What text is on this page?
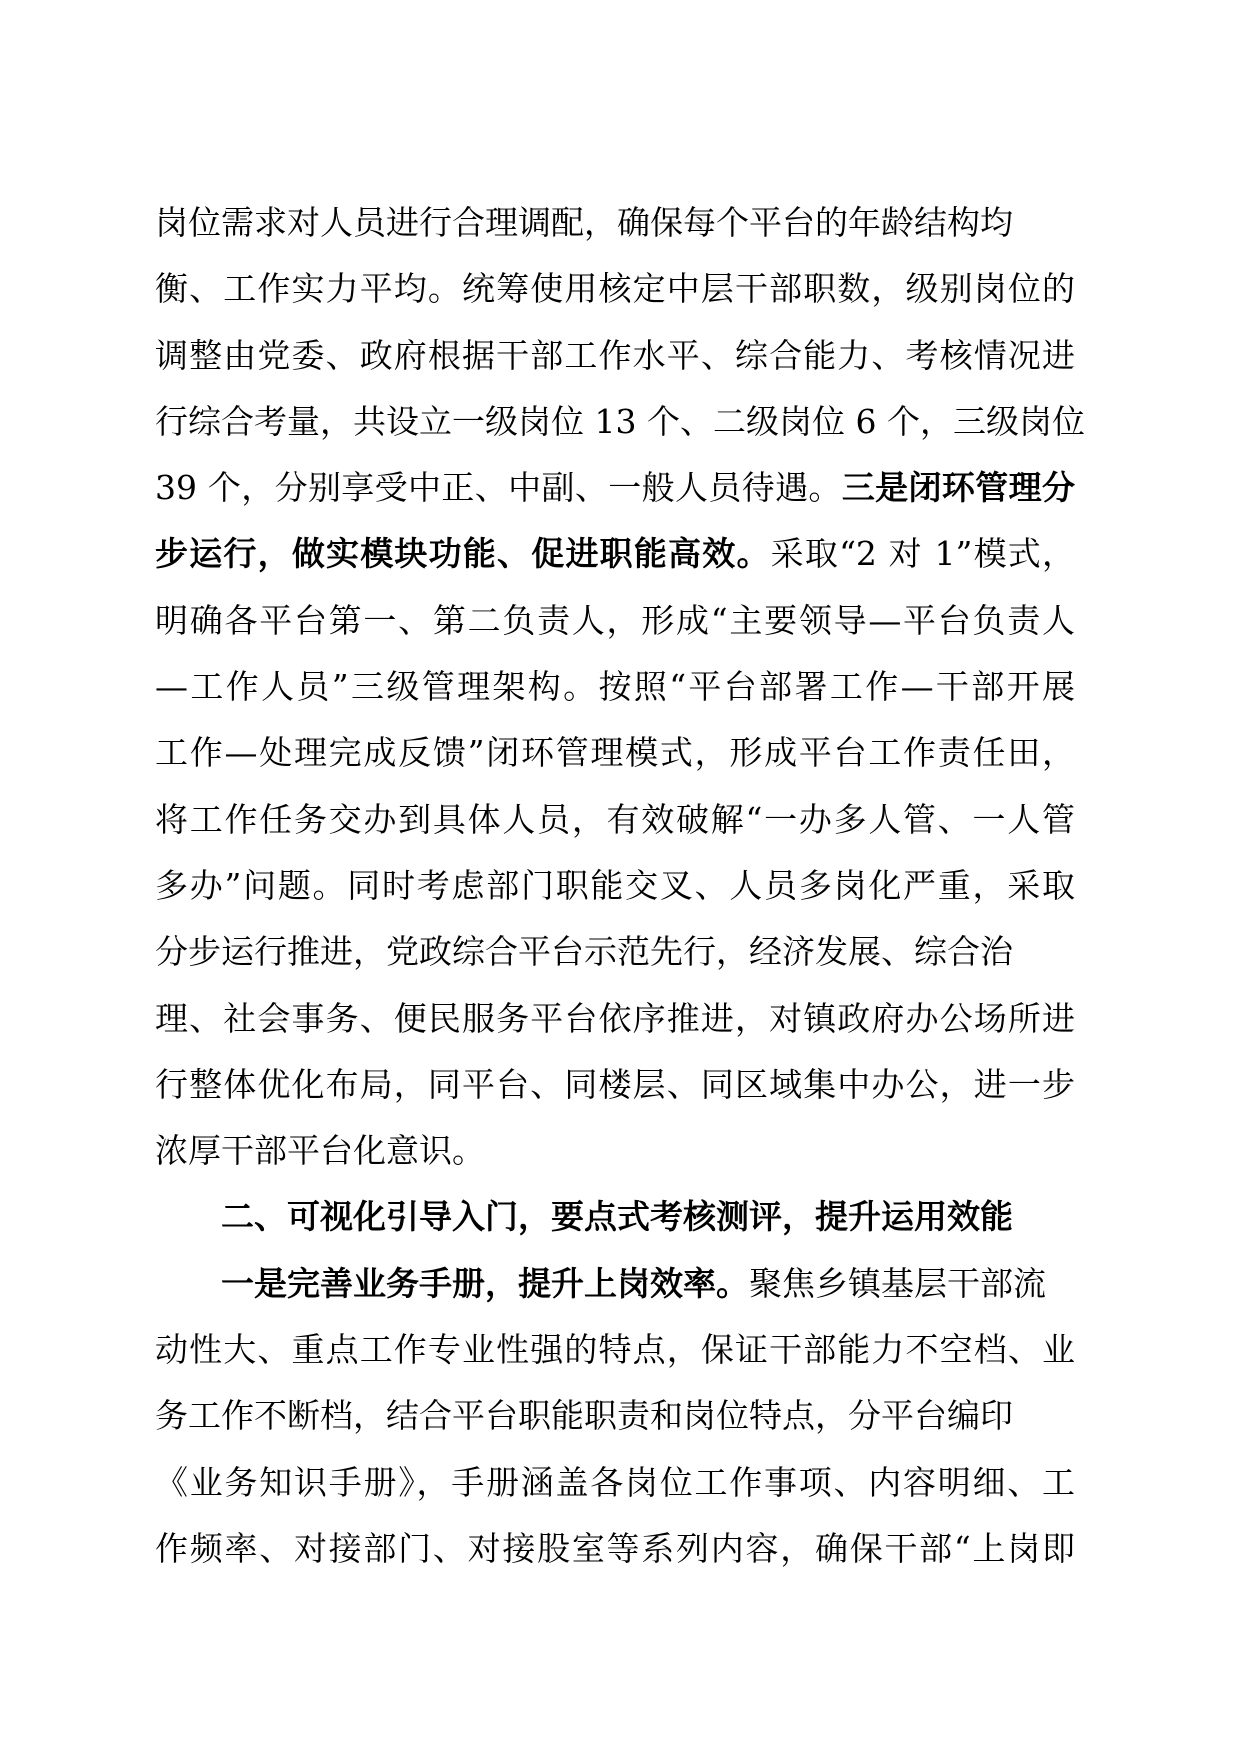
岗位需求对人员进行合理调配，确保每个平台的年龄结构均
衡、工作实力平均。统筹使用核定中层干部职数，级别岗位的
调整由党委、政府根据干部工作水平、综合能力、考核情况进
行综合考量，共设立一级岗位 13 个、二级岗位 6 个，三级岗位
39 个，分别享受中正、中副、一般人员待遇。三是闭环管理分
步运行，做实模块功能、促进职能高效。采取“2 对 1”模式，
明确各平台第一、第二负责人，形成“主要领导—平台负责人
—工作人员”三级管理架构。按照“平台部署工作—干部开展
工作—处理完成反馈”闭环管理模式，形成平台工作责任田，
将工作任务交办到具体人员，有效破解“一办多人管、一人管
多办”问题。同时考虑部门职能交叉、人员多岗化严重，采取
分步运行推进，党政综合平台示范先行，经济发展、综合治
理、社会事务、便民服务平台依序推进，对镇政府办公场所进
行整体优化布局，同平台、同楼层、同区域集中办公，进一步
浓厚干部平台化意识。
二、可视化引导入门，要点式考核测评，提升运用效能
一是完善业务手册，提升上岗效率。聚焦乡镇基层干部流
动性大、重点工作专业性强的特点，保证干部能力不空档、业
务工作不断档，结合平台职能职责和岗位特点，分平台编印
《业务知识手册》，手册涵盖各岗位工作事项、内容明细、工
作频率、对接部门、对接股室等系列内容，确保干部“上岗即
